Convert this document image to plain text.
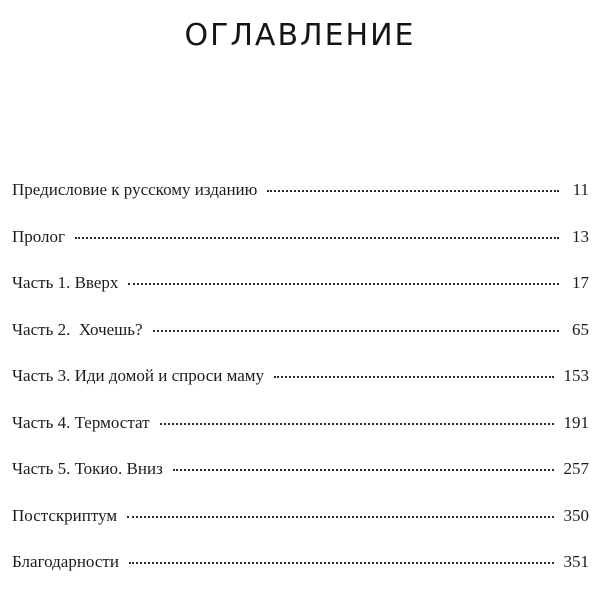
ОГЛАВЛЕНИЕ
Предисловие к русскому изданию	11
Пролог	13
Часть 1. Вверх	17
Часть 2.  Хочешь?	65
Часть 3. Иди домой и спроси маму	153
Часть 4. Термостат	191
Часть 5. Токио. Вниз	257
Постскриптум	350
Благодарности	351
